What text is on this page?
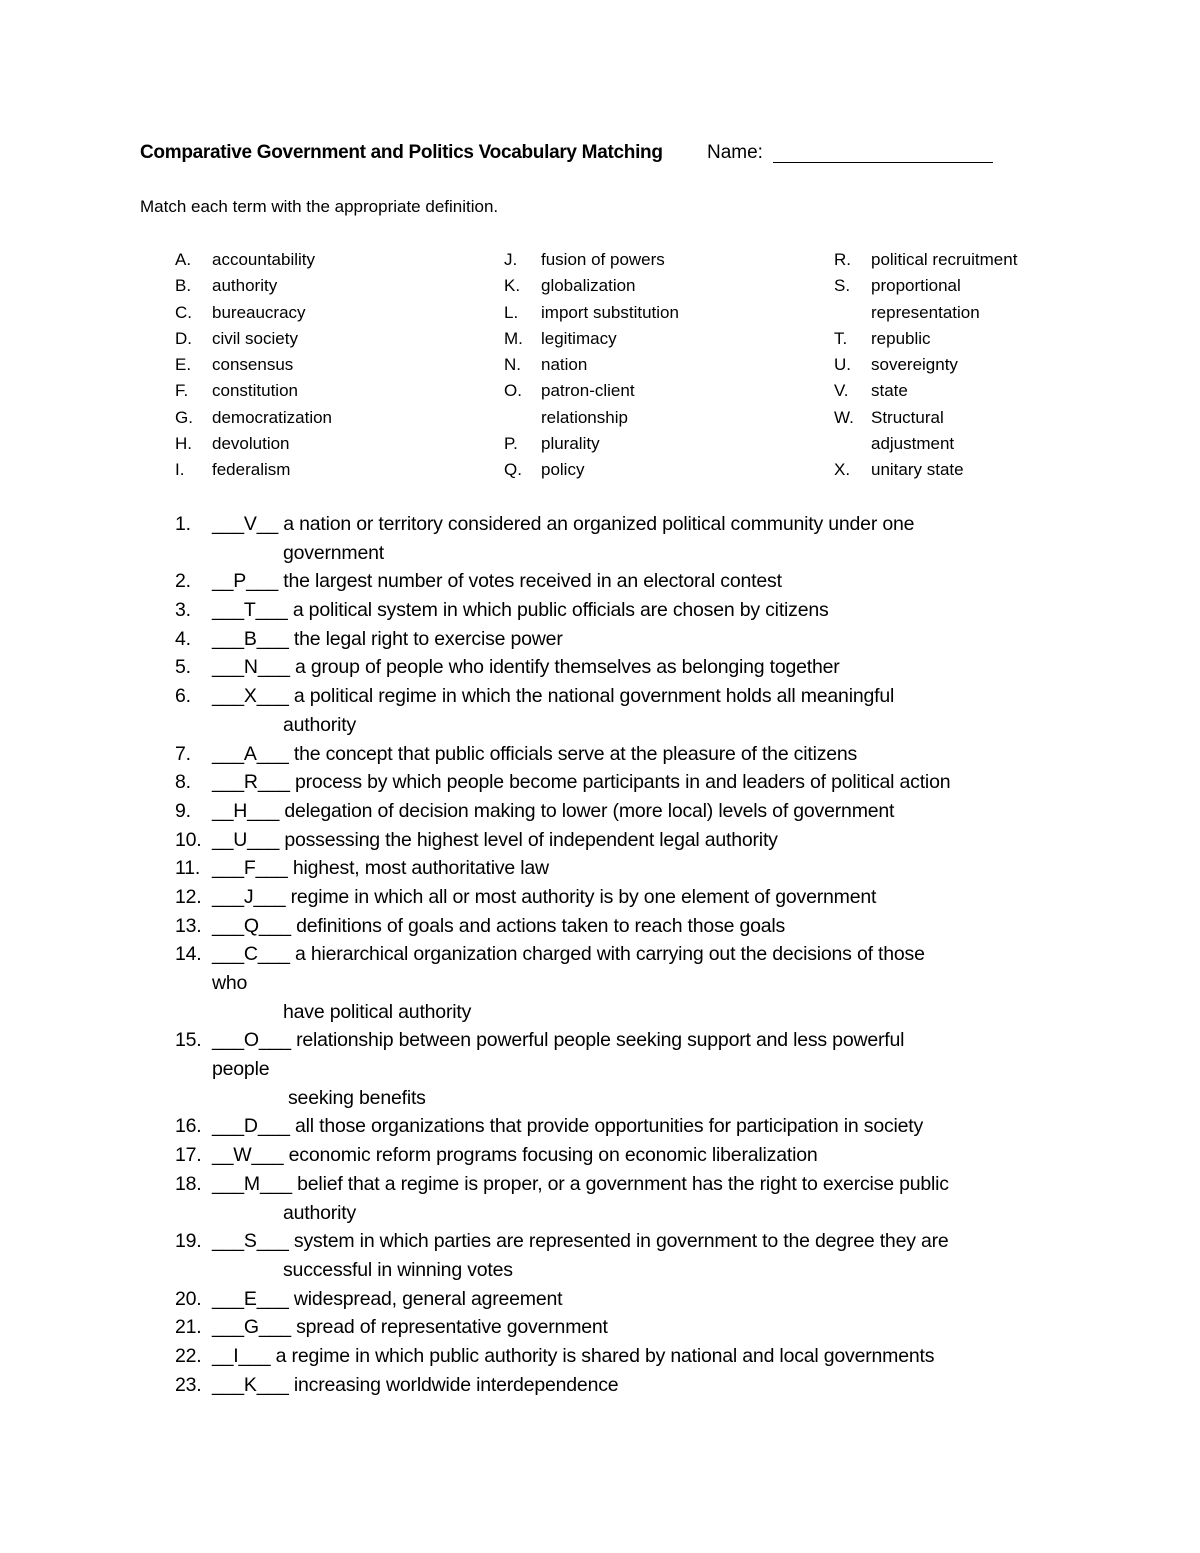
Comparative Government and Politics Vocabulary Matching Name:
Match each term with the appropriate definition.
A. accountability
B. authority
C. bureaucracy
D. civil society
E. consensus
F. constitution
G. democratization
H. devolution
I. federalism
J. fusion of powers
K. globalization
L. import substitution
M. legitimacy
N. nation
O. patron-client
relationship
P. plurality
Q. policy
R. political recruitment
S. proportional
representation
T. republic
U. sovereignty
V. state
W. Structural
adjustment
X. unitary state
1. ___V__ a nation or territory considered an organized political community under one
government
2. __P___ the largest number of votes received in an electoral contest
3. ___T___ a political system in which public officials are chosen by citizens
4. ___B___ the legal right to exercise power
5. ___N___ a group of people who identify themselves as belonging together
6. ___X___ a political regime in which the national government holds all meaningful
authority
7. ___A___ the concept that public officials serve at the pleasure of the citizens
8. ___R___ process by which people become participants in and leaders of political action
9. __H___ delegation of decision making to lower (more local) levels of government
10. __U___ possessing the highest level of independent legal authority
11. ___F___ highest, most authoritative law
12. ___J___ regime in which all or most authority is by one element of government
13. ___Q___ definitions of goals and actions taken to reach those goals
14. ___C___ a hierarchical organization charged with carrying out the decisions of those
who
have political authority
15. ___O___ relationship between powerful people seeking support and less powerful
people
seeking benefits
16. ___D___ all those organizations that provide opportunities for participation in society
17. __W___ economic reform programs focusing on economic liberalization
18. ___M___ belief that a regime is proper, or a government has the right to exercise public
authority
19. ___S___ system in which parties are represented in government to the degree they are
successful in winning votes
20. ___E___ widespread, general agreement
21. ___G___ spread of representative government
22. __I___ a regime in which public authority is shared by national and local governments
23. ___K___ increasing worldwide interdependence
